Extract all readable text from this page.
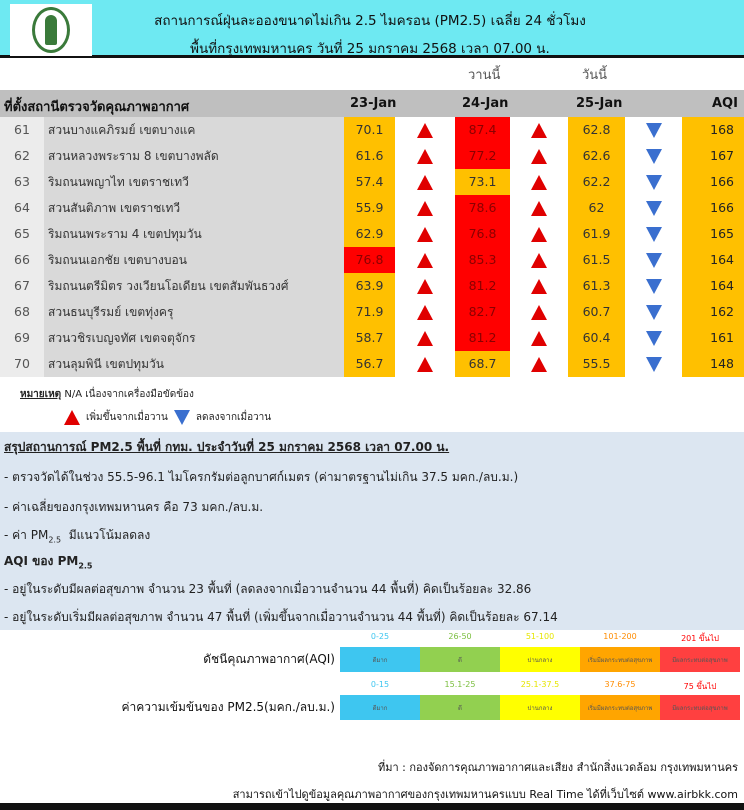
สถานการณ์ฝุ่นละอองขนาดไม่เกิน 2.5 ไมครอน (PM2.5) เฉลี่ย 24 ชั่วโมง
พื้นที่กรุงเทพมหานคร วันที่ 25 มกราคม 2568 เวลา 07.00 น.
วานนี้	วันนี้
ที่ตั้งสถานีตรวจวัดคุณภาพอากาศ	23-Jan	24-Jan	25-Jan	AQI
61	สวนบางแคภิรมย์ เขตบางแค	70.1	87.4	62.8	168
62	สวนหลวงพระราม 8 เขตบางพลัด	61.6	77.2	62.6	167
63	ริมถนนพญาไท เขตราชเทวี	57.4	73.1	62.2	166
64	สวนสันติภาพ เขตราชเทวี	55.9	78.6	62	166
65	ริมถนนพระราม 4 เขตปทุมวัน	62.9	76.8	61.9	165
66	ริมถนนเอกชัย เขตบางบอน	76.8	85.3	61.5	164
67	ริมถนนตรีมิตร วงเวียนโอเดียน เขตสัมพันธวงศ์	63.9	81.2	61.3	164
68	สวนธนบุรีรมย์ เขตทุ่งครุ	71.9	82.7	60.7	162
69	สวนวชิรเบญจทัศ เขตจตุจักร	58.7	81.2	60.4	161
70	สวนลุมพินี เขตปทุมวัน	56.7	68.7	55.5	148
หมายเหตุ N/A เนื่องจากเครื่องมือขัดข้อง
เพิ่มขึ้นจากเมื่อวาน	ลดลงจากเมื่อวาน

สรุปสถานการณ์ PM2.5 พื้นที่ กทม. ประจำวันที่ 25 มกราคม 2568 เวลา 07.00 น.

- ตรวจวัดได้ในช่วง 55.5-96.1 ไมโครกรัมต่อลูกบาศก์เมตร (ค่ามาตรฐานไม่เกิน 37.5 มคก./ลบ.ม.)

- ค่าเฉลี่ยของกรุงเทพมหานคร คือ 73 มคก./ลบ.ม.

- ค่า $PM_{2.5}$ มีแนวโน้มลดลง

AQI ของ $PM_{2.5}$

- อยู่ในระดับมีผลต่อสุขภาพ จำนวน 23 พื้นที่ (ลดลงจากเมื่อวานจำนวน 44 พื้นที่) คิดเป็นร้อยละ 32.86

- อยู่ในระดับเริ่มมีผลต่อสุขภาพ จำนวน 47 พื้นที่ (เพิ่มขึ้นจากเมื่อวานจำนวน 44 พื้นที่) คิดเป็นร้อยละ 67.14

ดัชนีคุณภาพอากาศ(AQI)
0-25
ดีมาก
26-50
ดี
51-100
ปานกลาง
101-200
เริ่มมีผลกระทบต่อสุขภาพ
201 ขึ้นไป
มีผลกระทบต่อสุขภาพ
ค่าความเข้มข้นของ PM2.5(มคก./ลบ.ม.)
0-15
ดีมาก
15.1-25
ดี
25.1-37.5
ปานกลาง
37.6-75
เริ่มมีผลกระทบต่อสุขภาพ
75 ขึ้นไป
มีผลกระทบต่อสุขภาพ
ที่มา : กองจัดการคุณภาพอากาศและเสียง สำนักสิ่งแวดล้อม กรุงเทพมหานคร
สามารถเข้าไปดูข้อมูลคุณภาพอากาศของกรุงเทพมหานครแบบ Real Time ได้ที่เว็บไซต์ www.airbkk.com
